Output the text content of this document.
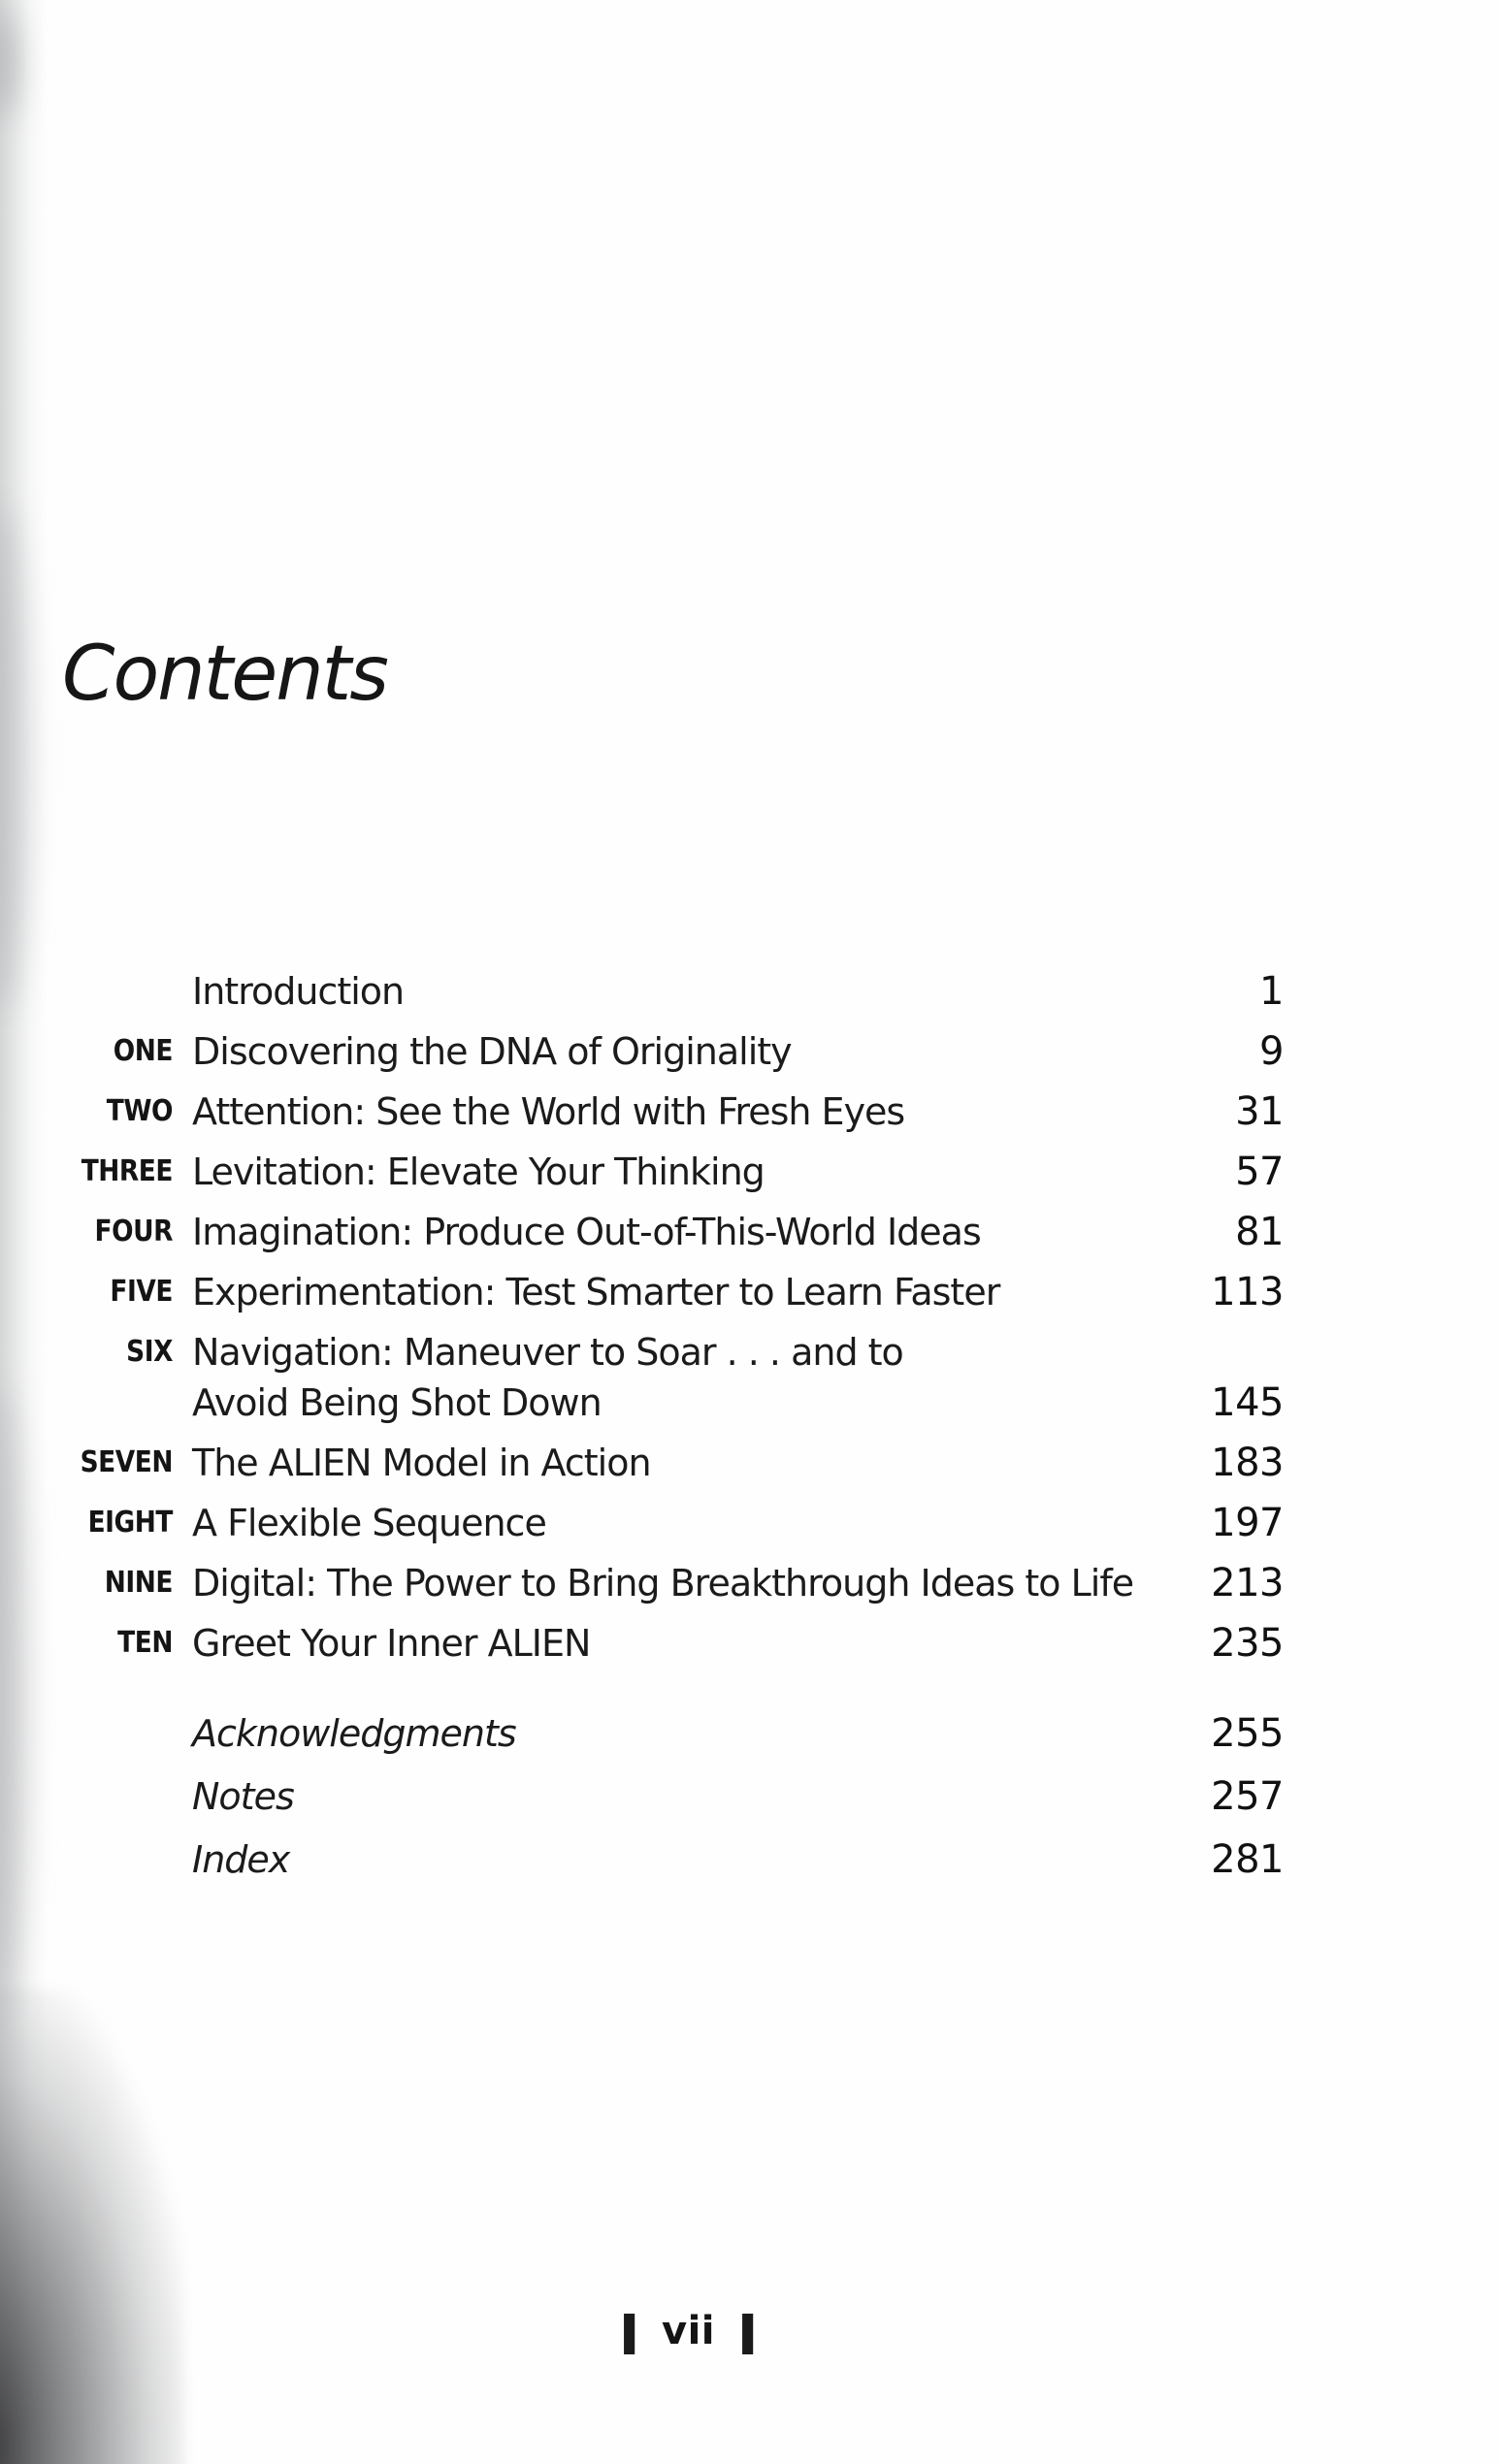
Contents
Introduction	1
ONE Discovering the DNA of Originality	9
TWO Attention: See the World with Fresh Eyes	31
THREE Levitation: Elevate Your Thinking	57
FOUR Imagination: Produce Out-of-This-World Ideas	81
FIVE Experimentation: Test Smarter to Learn Faster	113
SIX Navigation: Maneuver to Soar . . . and to
Avoid Being Shot Down	145
SEVEN The ALIEN Model in Action	183
EIGHT A Flexible Sequence	197
NINE Digital: The Power to Bring Breakthrough Ideas to Life	213
TEN Greet Your Inner ALIEN	235
Acknowledgments	255
Notes	257
Index	281
| vii |
